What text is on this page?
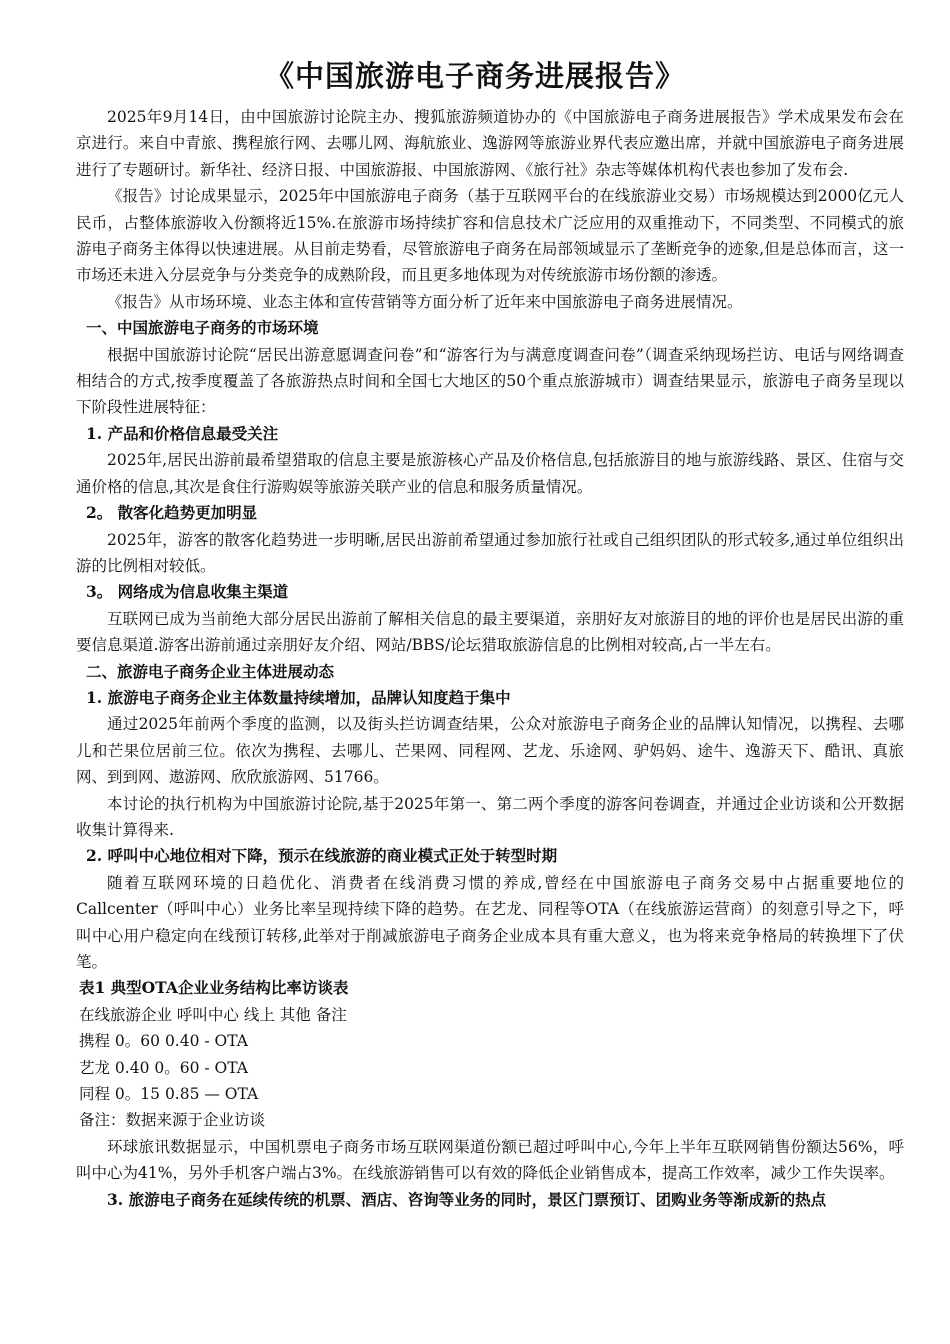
《中国旅游电子商务进展报告》

2025年9月14日，由中国旅游讨论院主办、搜狐旅游频道协办的《中国旅游电子商务进展报告》学术成果发布会在京进行。来自中青旅、携程旅行网、去哪儿网、海航旅业、逸游网等旅游业界代表应邀出席，并就中国旅游电子商务进展进行了专题研讨。新华社、经济日报、中国旅游报、中国旅游网、《旅行社》杂志等媒体机构代表也参加了发布会.

《报告》讨论成果显示，2025年中国旅游电子商务（基于互联网平台的在线旅游业交易）市场规模达到2000亿元人民币，占整体旅游收入份额将近15%.在旅游市场持续扩容和信息技术广泛应用的双重推动下，不同类型、不同模式的旅游电子商务主体得以快速进展。从目前走势看，尽管旅游电子商务在局部领域显示了垄断竞争的迹象,但是总体而言，这一市场还未进入分层竞争与分类竞争的成熟阶段，而且更多地体现为对传统旅游市场份额的渗透。

《报告》从市场环境、业态主体和宣传营销等方面分析了近年来中国旅游电子商务进展情况。

一、中国旅游电子商务的市场环境

根据中国旅游讨论院“居民出游意愿调查问卷”和“游客行为与满意度调查问卷”（调查采纳现场拦访、电话与网络调查相结合的方式,按季度覆盖了各旅游热点时间和全国七大地区的50个重点旅游城市）调查结果显示，旅游电子商务呈现以下阶段性进展特征：

1. 产品和价格信息最受关注

2025年,居民出游前最希望猎取的信息主要是旅游核心产品及价格信息,包括旅游目的地与旅游线路、景区、住宿与交通价格的信息,其次是食住行游购娱等旅游关联产业的信息和服务质量情况。

2。 散客化趋势更加明显

2025年，游客的散客化趋势进一步明晰,居民出游前希望通过参加旅行社或自己组织团队的形式较多,通过单位组织出游的比例相对较低。

3。 网络成为信息收集主渠道

互联网已成为当前绝大部分居民出游前了解相关信息的最主要渠道，亲朋好友对旅游目的地的评价也是居民出游的重要信息渠道.游客出游前通过亲朋好友介绍、网站/BBS/论坛猎取旅游信息的比例相对较高,占一半左右。

二、旅游电子商务企业主体进展动态

1. 旅游电子商务企业主体数量持续增加，品牌认知度趋于集中

通过2025年前两个季度的监测，以及街头拦访调查结果，公众对旅游电子商务企业的品牌认知情况，以携程、去哪儿和芒果位居前三位。依次为携程、去哪儿、芒果网、同程网、艺龙、乐途网、驴妈妈、途牛、逸游天下、酷讯、真旅网、到到网、遨游网、欣欣旅游网、51766。

本讨论的执行机构为中国旅游讨论院,基于2025年第一、第二两个季度的游客问卷调查，并通过企业访谈和公开数据收集计算得来.

2. 呼叫中心地位相对下降，预示在线旅游的商业模式正处于转型时期

随着互联网环境的日趋优化、消费者在线消费习惯的养成,曾经在中国旅游电子商务交易中占据重要地位的Callcenter（呼叫中心）业务比率呈现持续下降的趋势。在艺龙、同程等OTA（在线旅游运营商）的刻意引导之下，呼叫中心用户稳定向在线预订转移,此举对于削减旅游电子商务企业成本具有重大意义，也为将来竞争格局的转换埋下了伏笔。

表1 典型OTA企业业务结构比率访谈表

在线旅游企业 呼叫中心 线上 其他 备注

携程 0。60 0.40 - OTA

艺龙 0.40 0。60 - OTA

同程 0。15 0.85 — OTA

备注：数据来源于企业访谈

环球旅讯数据显示，中国机票电子商务市场互联网渠道份额已超过呼叫中心,今年上半年互联网销售份额达56%，呼叫中心为41%，另外手机客户端占3%。在线旅游销售可以有效的降低企业销售成本，提高工作效率，减少工作失误率。

3. 旅游电子商务在延续传统的机票、酒店、咨询等业务的同时，景区门票预订、团购业务等渐成新的热点
